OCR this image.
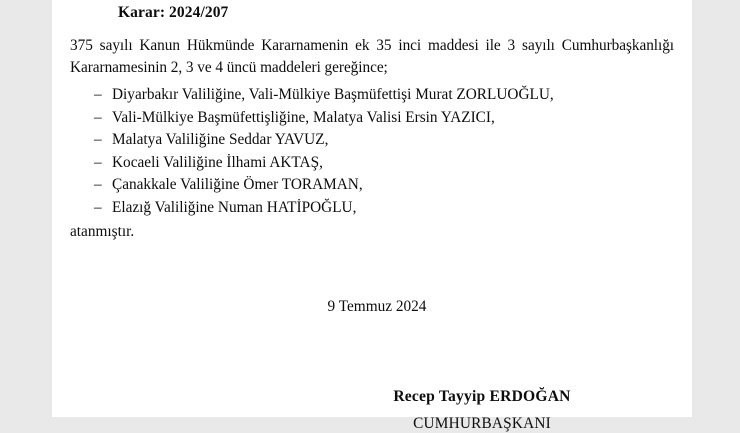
Karar: 2024/207
375 sayılı Kanun Hükmünde Kararnamenin ek 35 inci maddesi ile 3 sayılı Cumhurbaşkanlığı Kararnamesinin 2, 3 ve 4 üncü maddeleri gereğince;
– Diyarbakır Valiliğine, Vali-Mülkiye Başmüfettişi Murat ZORLUOĞLU,
– Vali-Mülkiye Başmüfettişliğine, Malatya Valisi Ersin YAZICI,
– Malatya Valiliğine Seddar YAVUZ,
– Kocaeli Valiliğine İlhami AKTAŞ,
– Çanakkale Valiliğine Ömer TORAMAN,
– Elazığ Valiliğine Numan HATİPOĞLU,
atanmıştır.
9 Temmuz 2024
Recep Tayyip ERDOĞAN
CUMHURBAŞKANI
